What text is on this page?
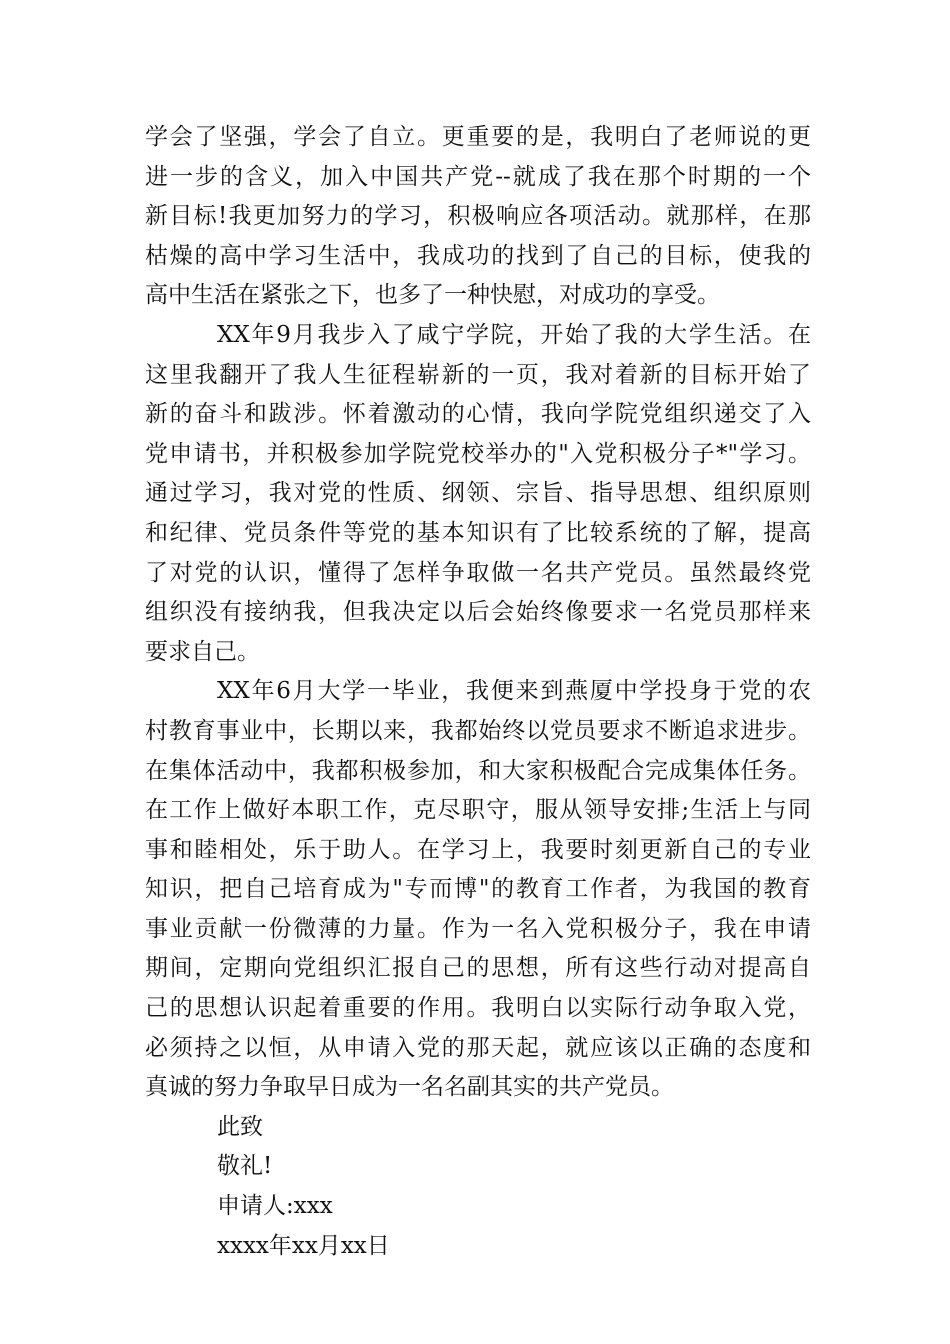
学会了坚强，学会了自立。更重要的是，我明白了老师说的更
进一步的含义，加入中国共产党--就成了我在那个时期的一个
新目标!我更加努力的学习，积极响应各项活动。就那样，在那
枯燥的高中学习生活中，我成功的找到了自己的目标，使我的
高中生活在紧张之下，也多了一种快慰，对成功的享受。
XX年9月我步入了咸宁学院，开始了我的大学生活。在
这里我翻开了我人生征程崭新的一页，我对着新的目标开始了
新的奋斗和跋涉。怀着激动的心情，我向学院党组织递交了入
党申请书，并积极参加学院党校举办的"入党积极分子*"学习。
通过学习，我对党的性质、纲领、宗旨、指导思想、组织原则
和纪律、党员条件等党的基本知识有了比较系统的了解，提高
了对党的认识，懂得了怎样争取做一名共产党员。虽然最终党
组织没有接纳我，但我决定以后会始终像要求一名党员那样来
要求自己。
XX年6月大学一毕业，我便来到燕厦中学投身于党的农
村教育事业中，长期以来，我都始终以党员要求不断追求进步。
在集体活动中，我都积极参加，和大家积极配合完成集体任务。
在工作上做好本职工作，克尽职守，服从领导安排;生活上与同
事和睦相处，乐于助人。在学习上，我要时刻更新自己的专业
知识，把自己培育成为"专而博"的教育工作者，为我国的教育
事业贡献一份微薄的力量。作为一名入党积极分子，我在申请
期间，定期向党组织汇报自己的思想，所有这些行动对提高自
己的思想认识起着重要的作用。我明白以实际行动争取入党，
必须持之以恒，从申请入党的那天起，就应该以正确的态度和
真诚的努力争取早日成为一名名副其实的共产党员。
此致
敬礼!
申请人:xxx
xxxx年xx月xx日
